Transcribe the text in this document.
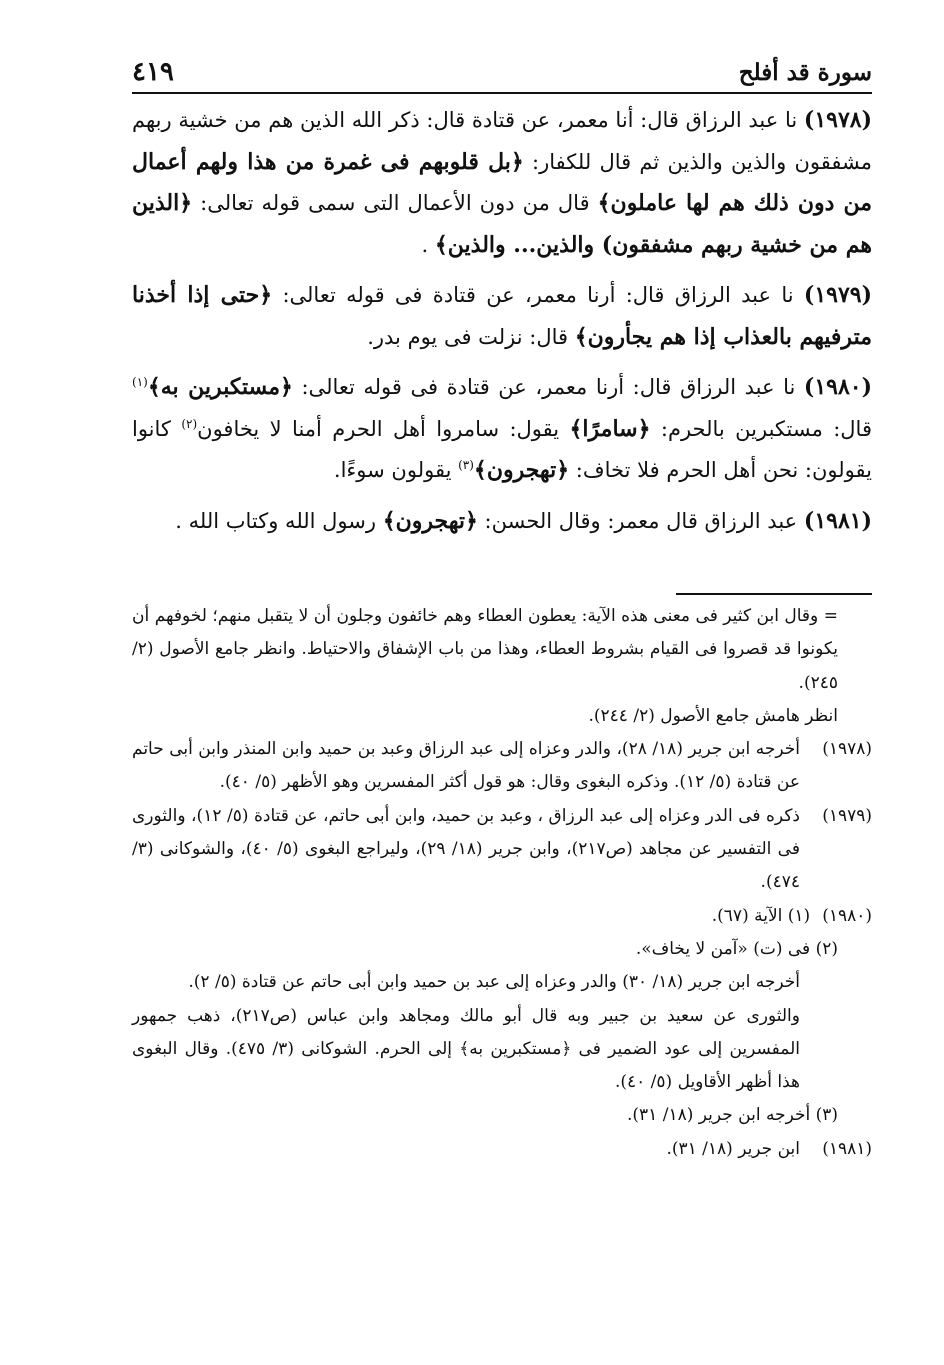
سورة قد أفلح
٤١٩

(١٩٧٨) نا عبد الرزاق قال: أنا معمر، عن قتادة قال: ذكر الله الذين هم من خشية ربهم مشفقون والذين والذين ثم قال للكفار: ﴿بل قلوبهم فى غمرة من هذا ولهم أعمال من دون ذلك هم لها عاملون﴾ قال من دون الأعمال التى سمى قوله تعالى: ﴿الذين هم من خشية ربهم مشفقون) والذين... والذين﴾ .

(١٩٧٩) نا عبد الرزاق قال: أرنا معمر، عن قتادة فى قوله تعالى: ﴿حتى إذا أخذنا مترفيهم بالعذاب إذا هم يجأرون﴾ قال: نزلت فى يوم بدر.

(١٩٨٠) نا عبد الرزاق قال: أرنا معمر، عن قتادة فى قوله تعالى: ﴿مستكبرين به﴾$^{(١)}$ قال: مستكبرين بالحرم: ﴿سامرًا﴾ يقول: سامروا أهل الحرم أمنا لا يخافون$^{(٢)}$ كانوا يقولون: نحن أهل الحرم فلا تخاف: ﴿تهجرون﴾$^{(٣)}$ يقولون سوءًا.

(١٩٨١) عبد الرزاق قال معمر: وقال الحسن: ﴿تهجرون﴾ رسول الله وكتاب الله .

= وقال ابن كثير فى معنى هذه الآية: يعطون العطاء وهم خائفون وجلون أن لا يتقبل منهم؛ لخوفهم أن يكونوا قد قصروا فى القيام بشروط العطاء، وهذا من باب الإشفاق والاحتياط. وانظر جامع الأصول (٢/ ٢٤٥).
انظر هامش جامع الأصول (٢/ ٢٤٤).
(١٩٧٨)
أخرجه ابن جرير (١٨/ ٢٨)، والدر وعزاه إلى عبد الرزاق وعبد بن حميد وابن المنذر وابن أبى حاتم عن قتادة (٥/ ١٢). وذكره البغوى وقال: هو قول أكثر المفسرين وهو الأظهر (٥/ ٤٠).
(١٩٧٩)
ذكره فى الدر وعزاه إلى عبد الرزاق ، وعبد بن حميد، وابن أبى حاتم، عن قتادة (٥/ ١٢)، والثورى فى التفسير عن مجاهد (ص٢١٧)، وابن جرير (١٨/ ٢٩)، وليراجع البغوى (٥/ ٤٠)، والشوكانى (٣/ ٤٧٤).
(١٩٨٠)
(١) الآية (٦٧).
(٢) فى (ت) «آمن لا يخاف».
أخرجه ابن جرير (١٨/ ٣٠) والدر وعزاه إلى عبد بن حميد وابن أبى حاتم عن قتادة (٥/ ٢).
والثورى عن سعيد بن جبير وبه قال أبو مالك ومجاهد وابن عباس (ص٢١٧)، ذهب جمهور المفسرين إلى عود الضمير فى ﴿مستكبرين به﴾ إلى الحرم. الشوكانى (٣/ ٤٧٥). وقال البغوى هذا أظهر الأقاويل (٥/ ٤٠).
(٣) أخرجه ابن جرير (١٨/ ٣١).
(١٩٨١)
ابن جرير (١٨/ ٣١).
